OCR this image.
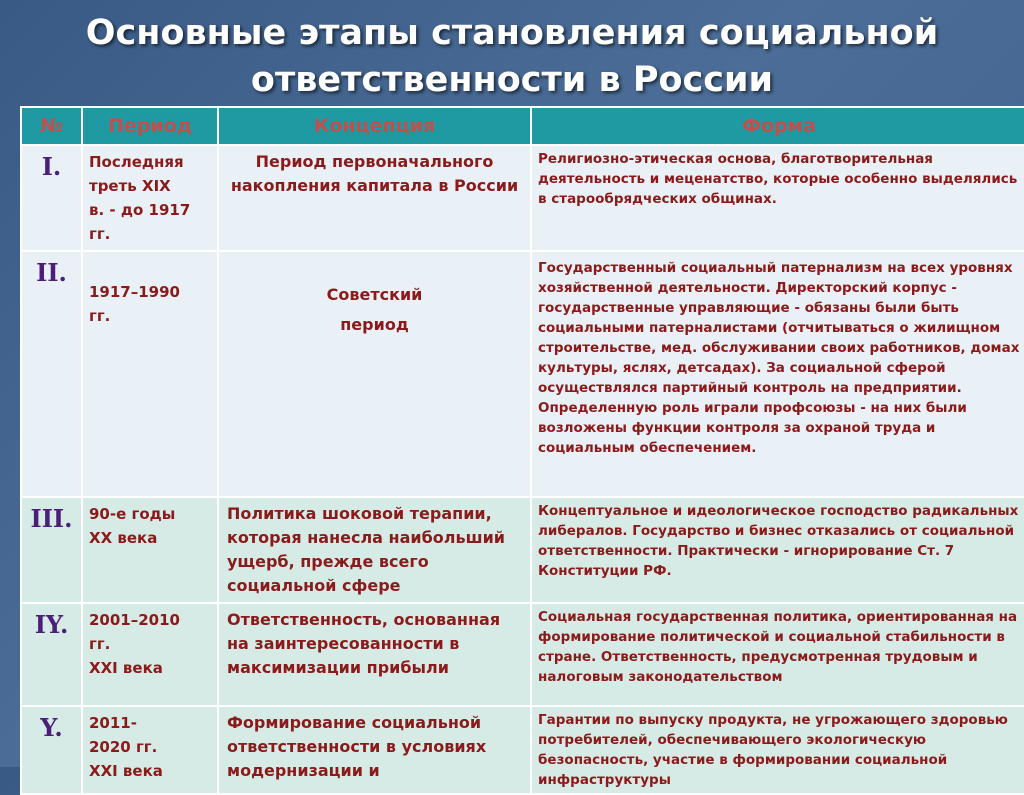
Основные этапы становления социальной
ответственности в России
№	Период	Концепция	Форма
I.	Последняя
треть XIX
в. - до 1917
гг.	Период первоначального накопления капитала в России	Религиозно-этическая основа, благотворительная деятельность и меценатство, которые особенно выделялись в старообрядческих общинах.
II.	1917–1990
гг.	Советский
период	Государственный социальный патернализм на всех уровнях хозяйственной деятельности. Директорский корпус - государственные управляющие - обязаны были быть социальными патерналистами (отчитываться о жилищном строительстве, мед. обслуживании своих работников, домах культуры, яслях, детсадах). За социальной сферой осуществлялся партийный контроль на предприятии. Определенную роль играли профсоюзы - на них были возложены функции контроля за охраной труда и социальным обеспечением.
III.	90-е годы
XX века	Политика шоковой терапии, которая нанесла наибольший ущерб, прежде всего социальной сфере	Концептуальное и идеологическое господство радикальных либералов. Государство и бизнес отказались от социальной ответственности. Практически - игнорирование Ст. 7 Конституции РФ.
IY.	2001–2010
гг.
XXI века	Ответственность, основанная на заинтересованности в максимизации прибыли	Социальная государственная политика, ориентированная на формирование политической и социальной стабильности в стране. Ответственность, предусмотренная трудовым и налоговым законодательством
Y.	2011-
2020 гг.
XXI века	Формирование социальной ответственности в условиях модернизации и	Гарантии по выпуску продукта, не угрожающего здоровью потребителей, обеспечивающего экологическую безопасность, участие в формировании социальной инфраструктуры
